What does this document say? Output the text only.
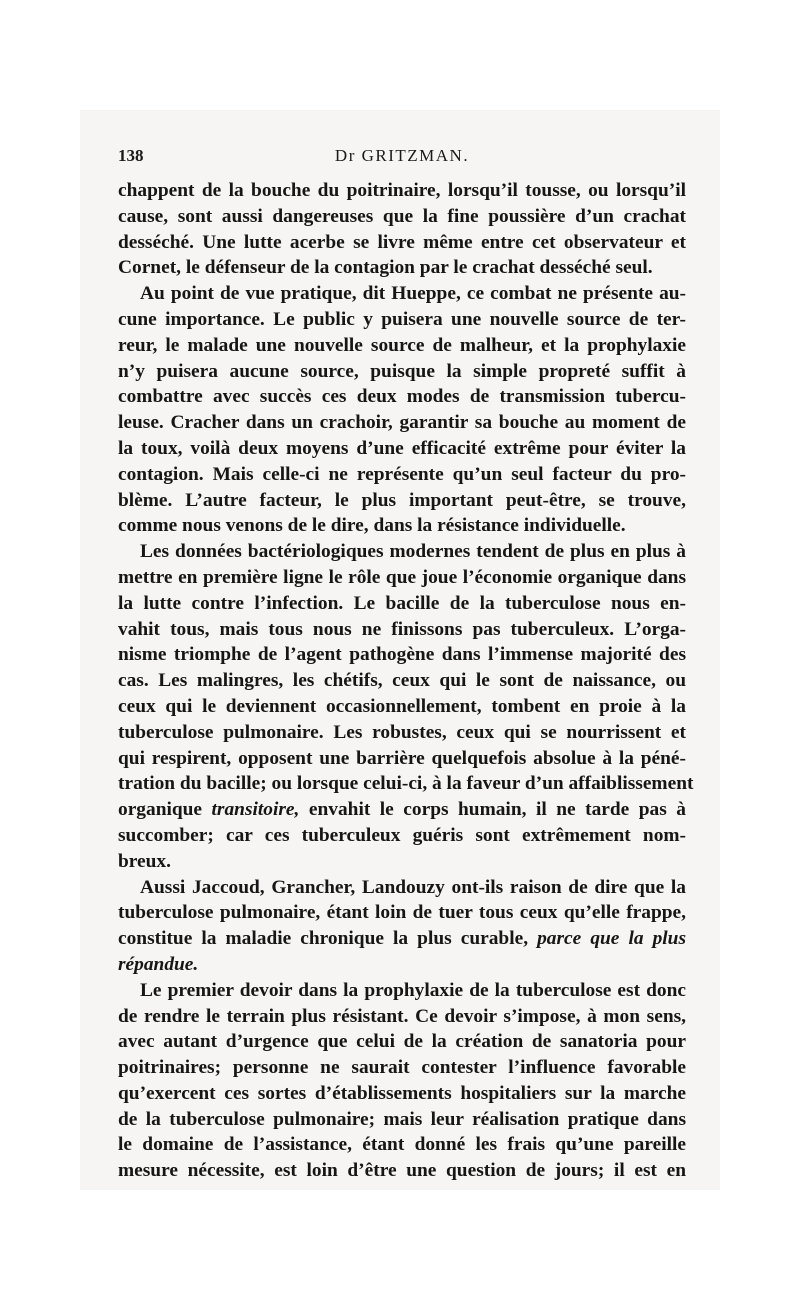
138	Dr GRITZMAN.
chappent de la bouche du poitrinaire, lorsqu’il tousse, ou lorsqu’il
cause, sont aussi dangereuses que la fine poussière d’un crachat
desséché. Une lutte acerbe se livre même entre cet observateur et
Cornet, le défenseur de la contagion par le crachat desséché seul.
Au point de vue pratique, dit Hueppe, ce combat ne présente au-
cune importance. Le public y puisera une nouvelle source de ter-
reur, le malade une nouvelle source de malheur, et la prophylaxie
n’y puisera aucune source, puisque la simple propreté suffit à
combattre avec succès ces deux modes de transmission tubercu-
leuse. Cracher dans un crachoir, garantir sa bouche au moment de
la toux, voilà deux moyens d’une efficacité extrême pour éviter la
contagion. Mais celle-ci ne représente qu’un seul facteur du pro-
blème. L’autre facteur, le plus important peut-être, se trouve,
comme nous venons de le dire, dans la résistance individuelle.
Les données bactériologiques modernes tendent de plus en plus à
mettre en première ligne le rôle que joue l’économie organique dans
la lutte contre l’infection. Le bacille de la tuberculose nous en-
vahit tous, mais tous nous ne finissons pas tuberculeux. L’orga-
nisme triomphe de l’agent pathogène dans l’immense majorité des
cas. Les malingres, les chétifs, ceux qui le sont de naissance, ou
ceux qui le deviennent occasionnellement, tombent en proie à la
tuberculose pulmonaire. Les robustes, ceux qui se nourrissent et
qui respirent, opposent une barrière quelquefois absolue à la péné-
tration du bacille; ou lorsque celui-ci, à la faveur d’un affaiblissement
organique transitoire, envahit le corps humain, il ne tarde pas à
succomber; car ces tuberculeux guéris sont extrêmement nom-
breux.
Aussi Jaccoud, Grancher, Landouzy ont-ils raison de dire que la
tuberculose pulmonaire, étant loin de tuer tous ceux qu’elle frappe,
constitue la maladie chronique la plus curable, parce que la plus
répandue.
Le premier devoir dans la prophylaxie de la tuberculose est donc
de rendre le terrain plus résistant. Ce devoir s’impose, à mon sens,
avec autant d’urgence que celui de la création de sanatoria pour
poitrinaires; personne ne saurait contester l’influence favorable
qu’exercent ces sortes d’établissements hospitaliers sur la marche
de la tuberculose pulmonaire; mais leur réalisation pratique dans
le domaine de l’assistance, étant donné les frais qu’une pareille
mesure nécessite, est loin d’être une question de jours; il est en
